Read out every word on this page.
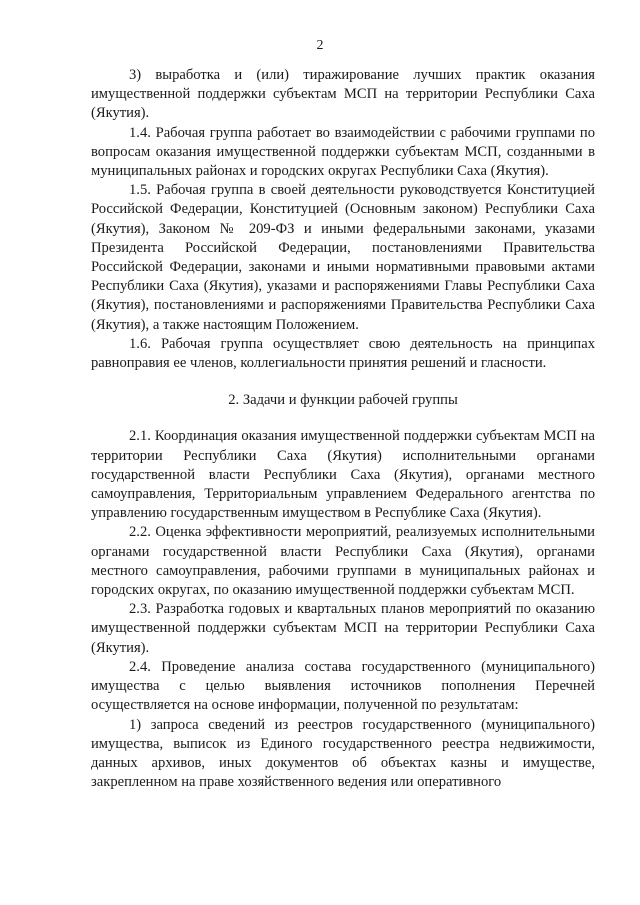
2

3) выработка и (или) тиражирование лучших практик оказания имущественной поддержки субъектам МСП на территории Республики Саха (Якутия).

1.4. Рабочая группа работает во взаимодействии с рабочими группами по вопросам оказания имущественной поддержки субъектам МСП, созданными в муниципальных районах и городских округах Республики Саха (Якутия).

1.5. Рабочая группа в своей деятельности руководствуется Конституцией Российской Федерации, Конституцией (Основным законом) Республики Саха (Якутия), Законом № 209-ФЗ и иными федеральными законами, указами Президента Российской Федерации, постановлениями Правительства Российской Федерации, законами и иными нормативными правовыми актами Республики Саха (Якутия), указами и распоряжениями Главы Республики Саха (Якутия), постановлениями и распоряжениями Правительства Республики Саха (Якутия), а также настоящим Положением.

1.6. Рабочая группа осуществляет свою деятельность на принципах равноправия ее членов, коллегиальности принятия решений и гласности.

2. Задачи и функции рабочей группы

2.1. Координация оказания имущественной поддержки субъектам МСП на территории Республики Саха (Якутия) исполнительными органами государственной власти Республики Саха (Якутия), органами местного самоуправления, Территориальным управлением Федерального агентства по управлению государственным имуществом в Республике Саха (Якутия).

2.2. Оценка эффективности мероприятий, реализуемых исполнительными органами государственной власти Республики Саха (Якутия), органами местного самоуправления, рабочими группами в муниципальных районах и городских округах, по оказанию имущественной поддержки субъектам МСП.

2.3. Разработка годовых и квартальных планов мероприятий по оказанию имущественной поддержки субъектам МСП на территории Республики Саха (Якутия).

2.4. Проведение анализа состава государственного (муниципального) имущества с целью выявления источников пополнения Перечней осуществляется на основе информации, полученной по результатам:

1) запроса сведений из реестров государственного (муниципального) имущества, выписок из Единого государственного реестра недвижимости, данных архивов, иных документов об объектах казны и имуществе, закрепленном на праве хозяйственного ведения или оперативного
